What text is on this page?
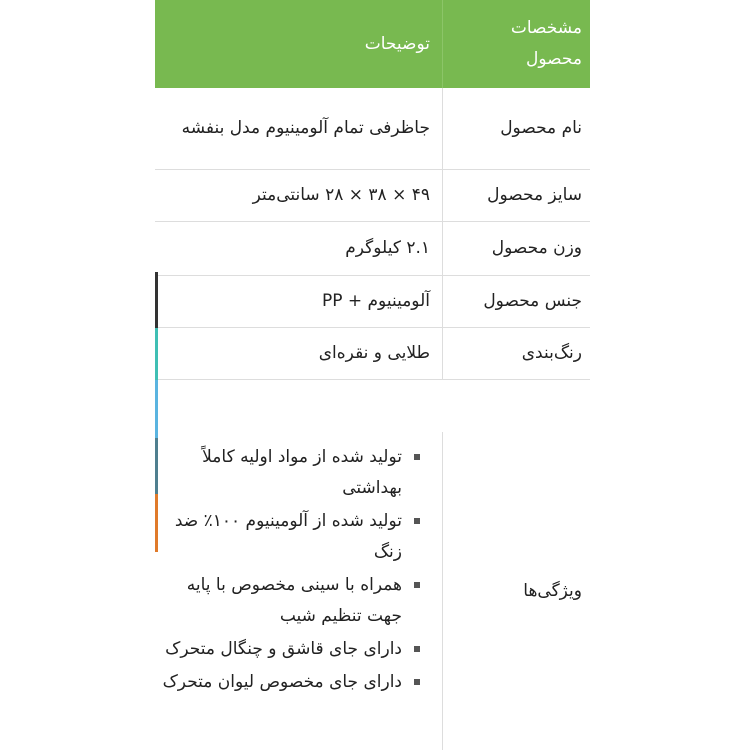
مشخصات محصول
توضیحات
نام محصول
جاظرفی تمام آلومینیوم مدل بنفشه
سایز محصول
۴۹ × ۳۸ × ۲۸ سانتی‌متر
وزن محصول
۲.۱ کیلوگرم
جنس محصول
آلومینیوم + PP
رنگ‌بندی
طلایی و نقره‌ای
ویژگی‌ها
تولید شده از مواد اولیه کاملاً بهداشتی
تولید شده از آلومینیوم ۱۰۰٪ ضد زنگ
همراه با سینی مخصوص با پایه جهت تنظیم شیب
دارای جای قاشق و چنگال متحرک
دارای جای مخصوص لیوان متحرک
